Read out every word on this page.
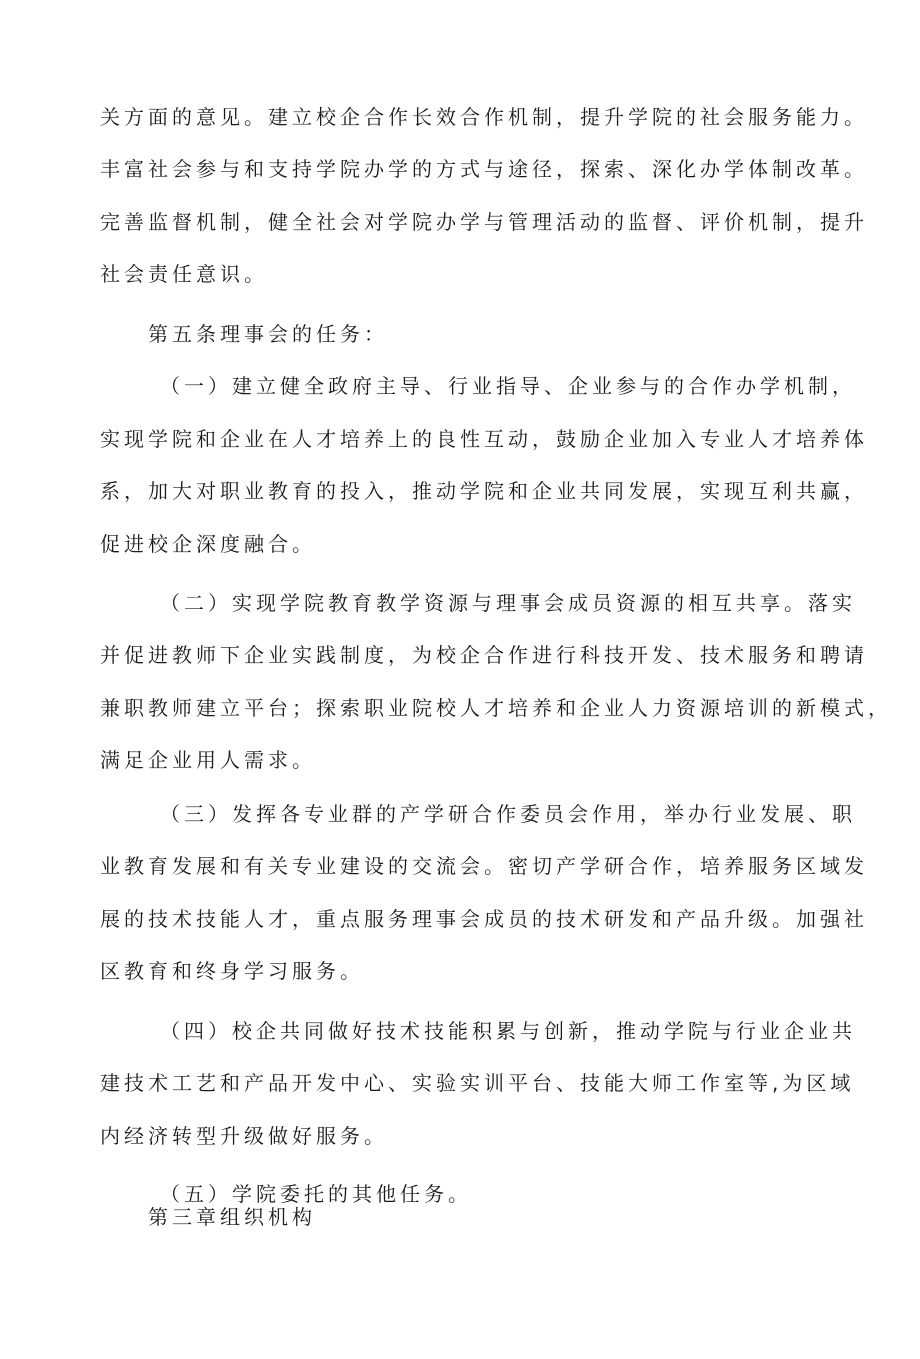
关方面的意见。建立校企合作长效合作机制，提升学院的社会服务能力。
丰富社会参与和支持学院办学的方式与途径，探索、深化办学体制改革。
完善监督机制，健全社会对学院办学与管理活动的监督、评价机制，提升
社会责任意识。
第五条理事会的任务：
（一）建立健全政府主导、行业指导、企业参与的合作办学机制，
实现学院和企业在人才培养上的良性互动，鼓励企业加入专业人才培养体
系，加大对职业教育的投入，推动学院和企业共同发展，实现互利共赢，
促进校企深度融合。
（二）实现学院教育教学资源与理事会成员资源的相互共享。落实
并促进教师下企业实践制度，为校企合作进行科技开发、技术服务和聘请
兼职教师建立平台；探索职业院校人才培养和企业人力资源培训的新模式，
满足企业用人需求。
（三）发挥各专业群的产学研合作委员会作用，举办行业发展、职
业教育发展和有关专业建设的交流会。密切产学研合作，培养服务区域发
展的技术技能人才，重点服务理事会成员的技术研发和产品升级。加强社
区教育和终身学习服务。
（四）校企共同做好技术技能积累与创新，推动学院与行业企业共
建技术工艺和产品开发中心、实验实训平台、技能大师工作室等,为区域
内经济转型升级做好服务。
（五）学院委托的其他任务。
第三章组织机构
